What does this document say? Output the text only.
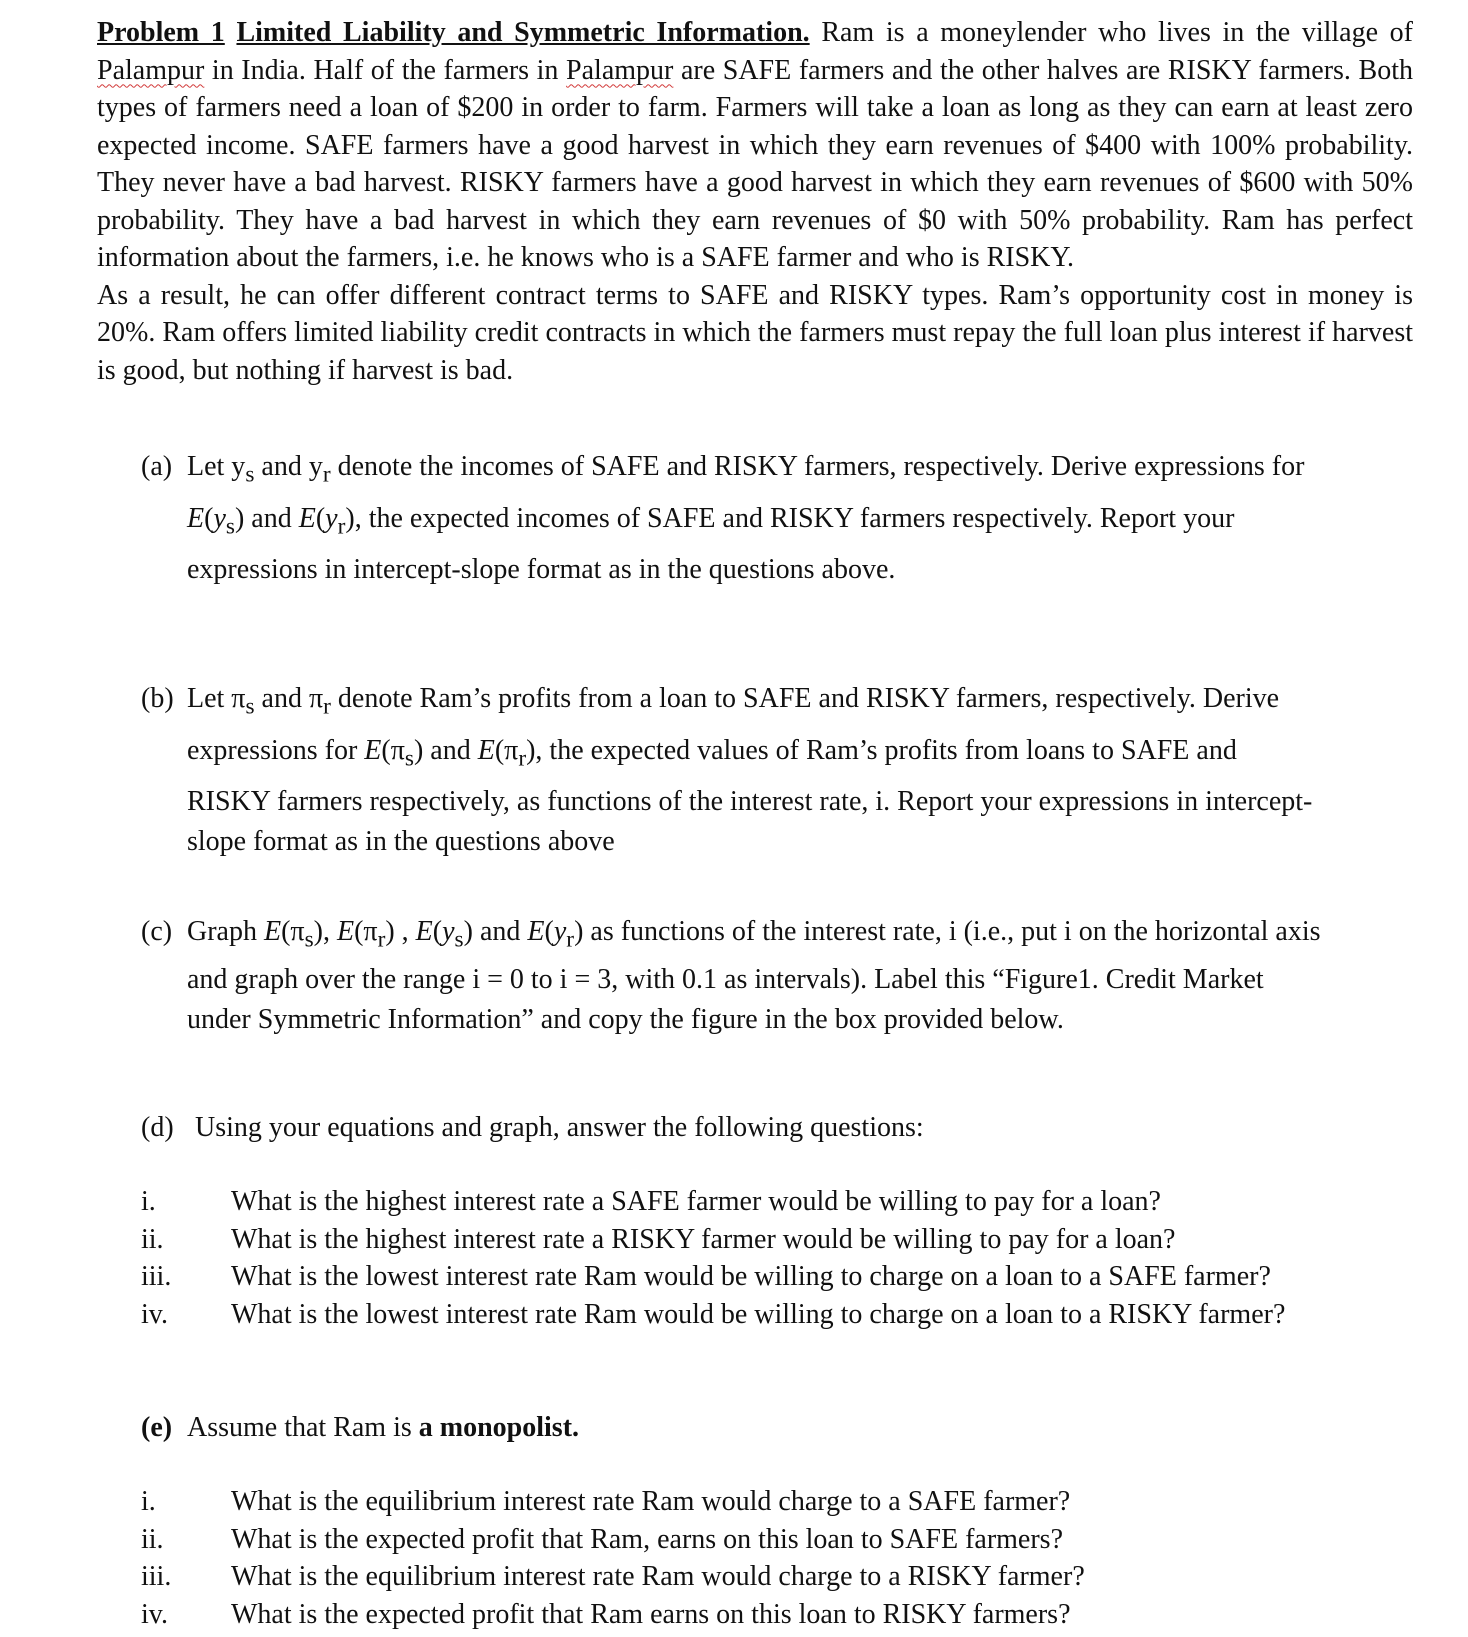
Problem 1 Limited Liability and Symmetric Information. Ram is a moneylender who lives in the village of Palampur in India. Half of the farmers in Palampur are SAFE farmers and the other halves are RISKY farmers. Both types of farmers need a loan of $200 in order to farm. Farmers will take a loan as long as they can earn at least zero expected income. SAFE farmers have a good harvest in which they earn revenues of $400 with 100% probability. They never have a bad harvest. RISKY farmers have a good harvest in which they earn revenues of $600 with 50% probability. They have a bad harvest in which they earn revenues of $0 with 50% probability. Ram has perfect information about the farmers, i.e. he knows who is a SAFE farmer and who is RISKY.

As a result, he can offer different contract terms to SAFE and RISKY types. Ram’s opportunity cost in money is 20%. Ram offers limited liability credit contracts in which the farmers must repay the full loan plus interest if harvest is good, but nothing if harvest is bad.

(a) Let $y_s$ and $y_r$ denote the incomes of SAFE and RISKY farmers, respectively. Derive expressions for
$E(y_s)$ and $E(y_r)$, the expected incomes of SAFE and RISKY farmers respectively. Report your
expressions in intercept-slope format as in the questions above.
(b) Let $\pi_s$ and $\pi_r$ denote Ram’s profits from a loan to SAFE and RISKY farmers, respectively. Derive
expressions for $E(\pi_s)$ and $E(\pi_r)$, the expected values of Ram’s profits from loans to SAFE and
RISKY farmers respectively, as functions of the interest rate, i. Report your expressions in intercept-
slope format as in the questions above
(c) Graph $E(\pi_s)$, $E(\pi_r)$ , $E(y_s)$ and $E(y_r)$ as functions of the interest rate, i (i.e., put i on the horizontal axis
and graph over the range i = 0 to i = 3, with 0.1 as intervals). Label this “Figure1. Credit Market
under Symmetric Information” and copy the figure in the box provided below.
(d) Using your equations and graph, answer the following questions:
i.	What is the highest interest rate a SAFE farmer would be willing to pay for a loan?
ii. What is the highest interest rate a RISKY farmer would be willing to pay for a loan?
iii. What is the lowest interest rate Ram would be willing to charge on a loan to a SAFE farmer?
iv. What is the lowest interest rate Ram would be willing to charge on a loan to a RISKY farmer?
(e) Assume that Ram is a monopolist.
i.	What is the equilibrium interest rate Ram would charge to a SAFE farmer?
ii. What is the expected profit that Ram, earns on this loan to SAFE farmers?
iii. What is the equilibrium interest rate Ram would charge to a RISKY farmer?
iv. What is the expected profit that Ram earns on this loan to RISKY farmers?
